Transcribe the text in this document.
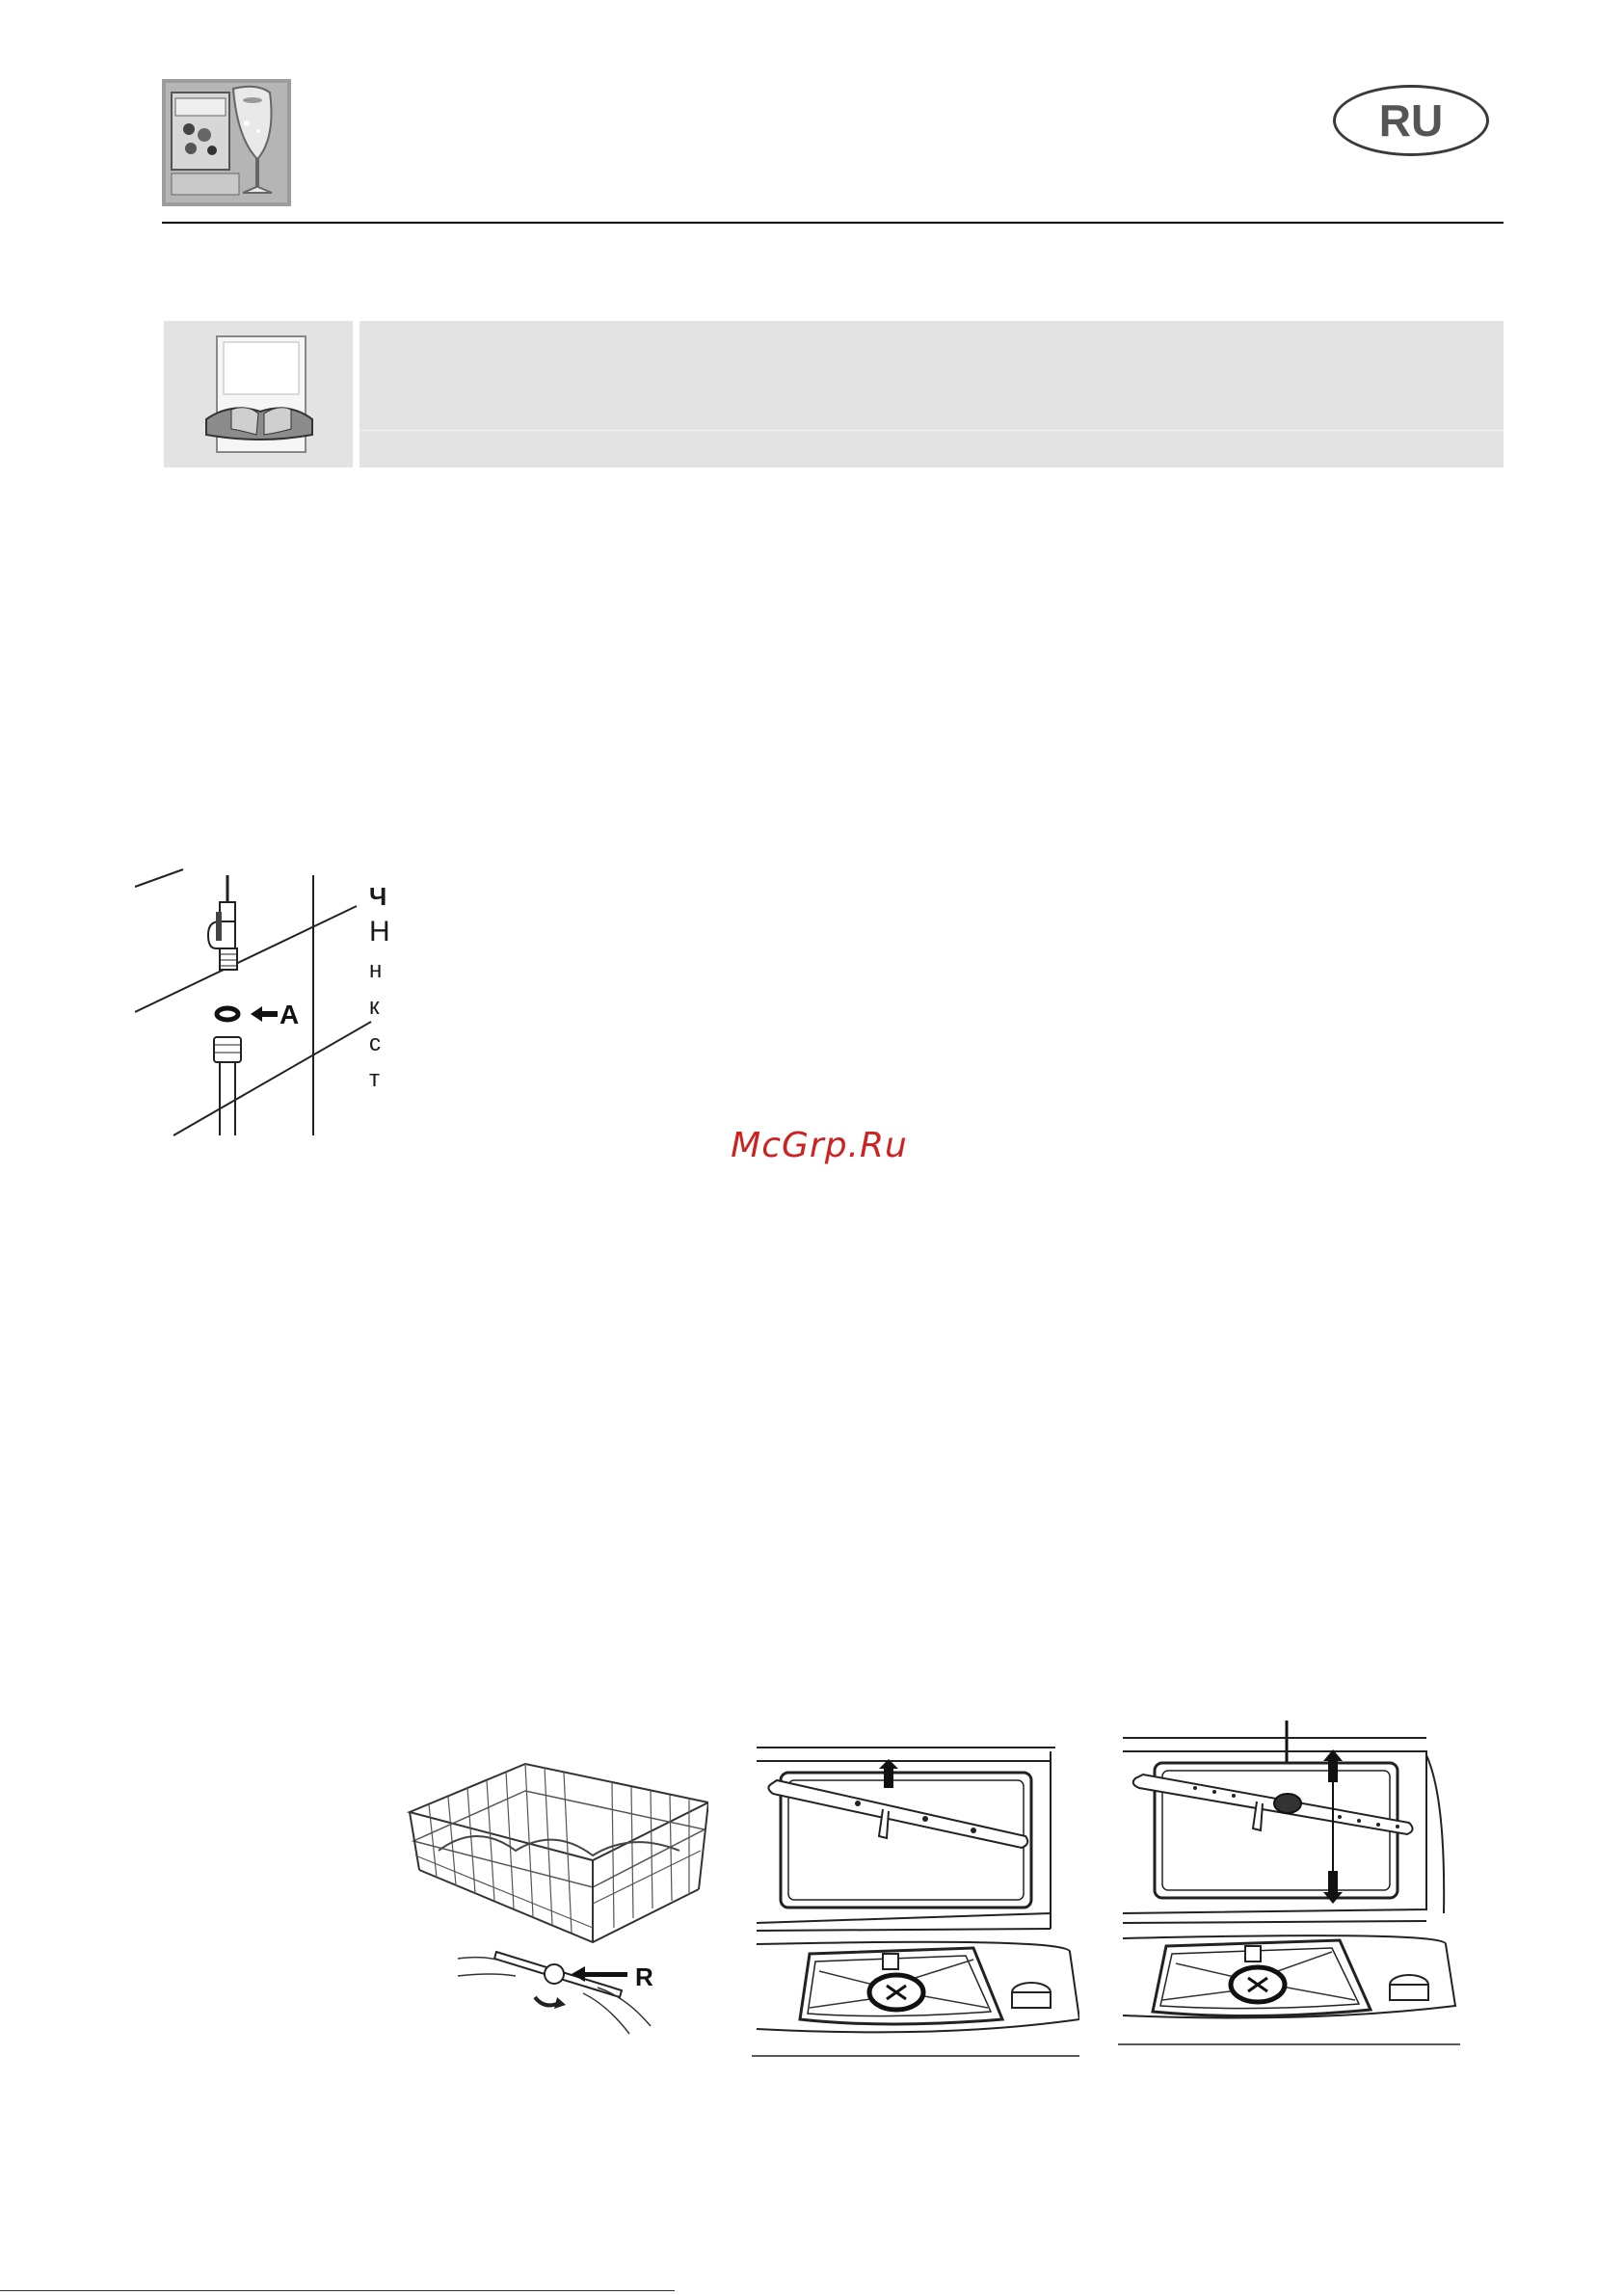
RU
A
Ч
Н
н
к
с
т
McGrp.Ru
R
